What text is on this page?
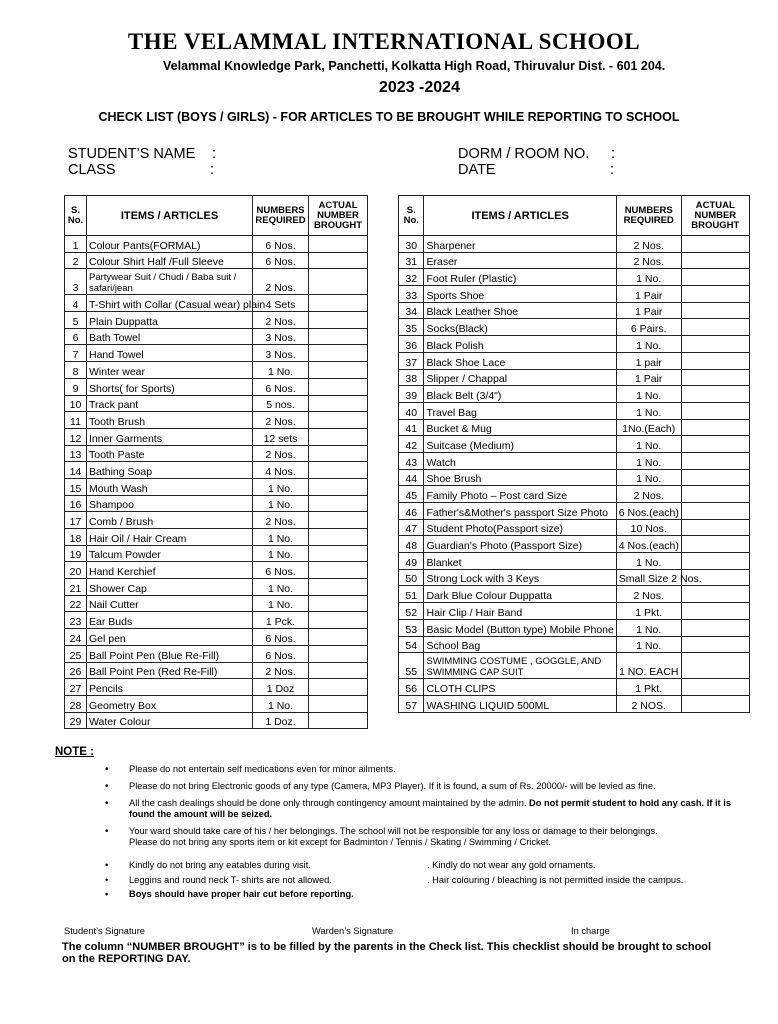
THE VELAMMAL INTERNATIONAL SCHOOL
Velammal Knowledge Park, Panchetti, Kolkatta High Road, Thiruvalur Dist. - 601 204.
2023 -2024
CHECK LIST (BOYS / GIRLS) - FOR ARTICLES TO BE BROUGHT WHILE REPORTING TO SCHOOL
STUDENT’S NAME :
CLASS	:
DORM / ROOM NO. :
DATE	:
S. No.	ITEMS / ARTICLES	NUMBERS REQUIRED	ACTUAL NUMBER BROUGHT
1	Colour Pants(FORMAL)	6 Nos.	
2	Colour Shirt Half /Full Sleeve	6 Nos.	
3	Partywear Suit / Chudi / Baba suit / safari/jean	2 Nos.	
4	T-Shirt with Collar (Casual wear) plain	4 Sets	
5	Plain Duppatta	2 Nos.	
6	Bath Towel	3 Nos.	
7	Hand Towel	3 Nos.	
8	Winter wear	1 No.	
9	Shorts( for Sports)	6 Nos.	
10	Track pant	5 nos.	
11	Tooth Brush	2 Nos.	
12	Inner Garments	12 sets	
13	Tooth Paste	2 Nos.	
14	Bathing Soap	4 Nos.	
15	Mouth Wash	1 No.	
16	Shampoo	1 No.	
17	Comb / Brush	2 Nos.	
18	Hair Oil / Hair Cream	1 No.	
19	Talcum Powder	1 No.	
20	Hand Kerchief	6 Nos.	
21	Shower Cap	1 No.	
22	Nail Cutter	1 No.	
23	Ear Buds	1 Pck.	
24	Gel pen	6 Nos.	
25	Ball Point Pen (Blue Re-Fill)	6 Nos.	
26	Ball Point Pen (Red Re-Fill)	2 Nos.	
27	Pencils	1 Doz	
28	Geometry Box	1 No.	
29	Water Colour	1 Doz.	
S. No.	ITEMS / ARTICLES	NUMBERS REQUIRED	ACTUAL NUMBER BROUGHT
30	Sharpener	2 Nos.	
31	Eraser	2 Nos.	
32	Foot Ruler (Plastic)	1 No.	
33	Sports Shoe	1 Pair	
34	Black Leather Shoe	1 Pair	
35	Socks(Black)	6 Pairs.	
36	Black Polish	1 No.	
37	Black Shoe Lace	1 pair	
38	Slipper / Chappal	1 Pair	
39	Black Belt (3/4")	1 No.	
40	Travel Bag	1 No.	
41	Bucket & Mug	1No.(Each)	
42	Suitcase (Medium)	1 No.	
43	Watch	1 No.	
44	Shoe Brush	1 No.	
45	Family Photo – Post card Size	2 Nos.	
46	Father's&Mother's passport Size Photo	6 Nos.(each)	
47	Student Photo(Passport size)	10 Nos.	
48	Guardian’s Photo (Passport Size)	4 Nos.(each)	
49	Blanket	1 No.	
50	Strong Lock with 3 Keys	Small Size 2 Nos.	
51	Dark Blue Colour Duppatta	2 Nos.	
52	Hair Clip / Hair Band	1 Pkt.	
53	Basic Model (Button type) Mobile Phone	1 No.	
54	School Bag	1 No.	
55	SWIMMING COSTUME , GOGGLE, AND SWIMMING CAP SUIT	1 NO. EACH	
56	CLOTH CLIPS	1 Pkt.	
57	WASHING LIQUID 500ML	2 NOS.	
NOTE :
• Please do not entertain self medications even for minor ailments.
• Please do not bring Electronic goods of any type (Camera, MP3 Player). If it is found, a sum of Rs. 20000/- will be levied as fine.
• All the cash dealings should be done only through contingency amount maintained by the admin. Do not permit student to hold any cash. If it is found the amount will be seized.
• Your ward should take care of his / her belongings. The school will not be responsible for any loss or damage to their belongings.
Please do not bring any sports item or kit except for Badminton / Tennis / Skating / Swimming / Cricket.
• Kindly do not bring any eatables during visit.	. Kindly do not wear any gold ornaments.
• Leggins and round neck T- shirts are not allowed.	. Hair colouring / bleaching is not permitted inside the campus.
• Boys should have proper hair cut before reporting.
Student’s Signature	Warden’s Signature	In charge
The column “NUMBER BROUGHT” is to be filled by the parents in the Check list. This checklist should be brought to school on the REPORTING DAY.
